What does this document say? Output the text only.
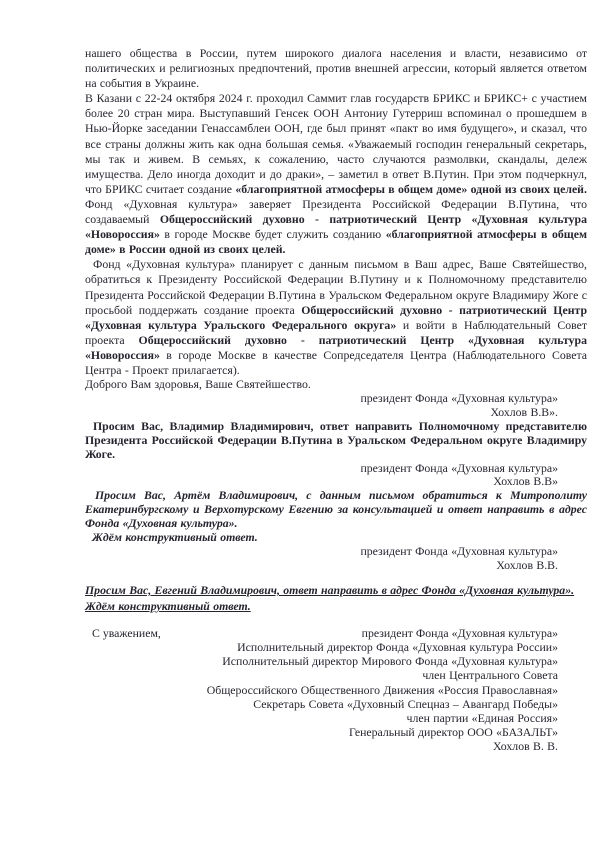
нашего общества в России, путем широкого диалога населения и власти, независимо от политических и религиозных предпочтений, против внешней агрессии, который является ответом на события в Украине.

В Казани с 22-24 октября 2024 г. проходил Саммит глав государств БРИКС и БРИКС+ с участием более 20 стран мира. Выступавший Генсек ООН Антониу Гутерриш вспоминал о прошедшем в Нью-Йорке заседании Генассамблеи ООН, где был принят «пакт во имя будущего», и сказал, что все страны должны жить как одна большая семья. «Уважаемый господин генеральный секретарь, мы так и живем. В семьях, к сожалению, часто случаются размолвки, скандалы, дележ имущества. Дело иногда доходит и до драки», – заметил в ответ В.Путин. При этом подчеркнул, что БРИКС считает создание «благоприятной атмосферы в общем доме» одной из своих целей.

Фонд «Духовная культура» заверяет Президента Российской Федерации В.Путина, что создаваемый Общероссийский духовно - патриотический Центр «Духовная культура «Новороссия» в городе Москве будет служить созданию «благоприятной атмосферы в общем доме» в России одной из своих целей.

Фонд «Духовная культура» планирует с данным письмом в Ваш адрес, Ваше Святейшество, обратиться к Президенту Российской Федерации В.Путину и к Полномочному представителю Президента Российской Федерации В.Путина в Уральском Федеральном округе Владимиру Жоге с просьбой поддержать создание проекта Общероссийский духовно - патриотический Центр «Духовная культура Уральского Федерального округа» и войти в Наблюдательный Совет проекта Общероссийский духовно - патриотический Центр «Духовная культура «Новороссия» в городе Москве в качестве Сопредседателя Центра (Наблюдательного Совета Центра - Проект прилагается).

Доброго Вам здоровья, Ваше Святейшество.

президент Фонда «Духовная культура»

Хохлов В.В».

Просим Вас, Владимир Владимирович, ответ направить Полномочному представителю Президента Российской Федерации В.Путина в Уральском Федеральном округе Владимиру Жоге.

президент Фонда «Духовная культура»

Хохлов В.В»

Просим Вас, Артём Владимирович, с данным письмом обратиться к Митрополиту Екатеринбургскому и Верхотурскому Евгению за консультацией и ответ направить в адрес Фонда «Духовная культура».

Ждём конструктивный ответ.

президент Фонда «Духовная культура»

Хохлов В.В.

Просим Вас, Евгений Владимирович, ответ направить в адрес Фонда «Духовная культура».

Ждём конструктивный ответ.

С уважением,	президент Фонда «Духовная культура»

Исполнительный директор Фонда «Духовная культура России»

Исполнительный директор Мирового Фонда «Духовная культура»

член Центрального Совета

Общероссийского Общественного Движения «Россия Православная»

Секретарь Совета «Духовный Спецназ – Авангард Победы»

член партии «Единая Россия»

Генеральный директор ООО «БАЗАЛЬТ»

Хохлов В. В.
